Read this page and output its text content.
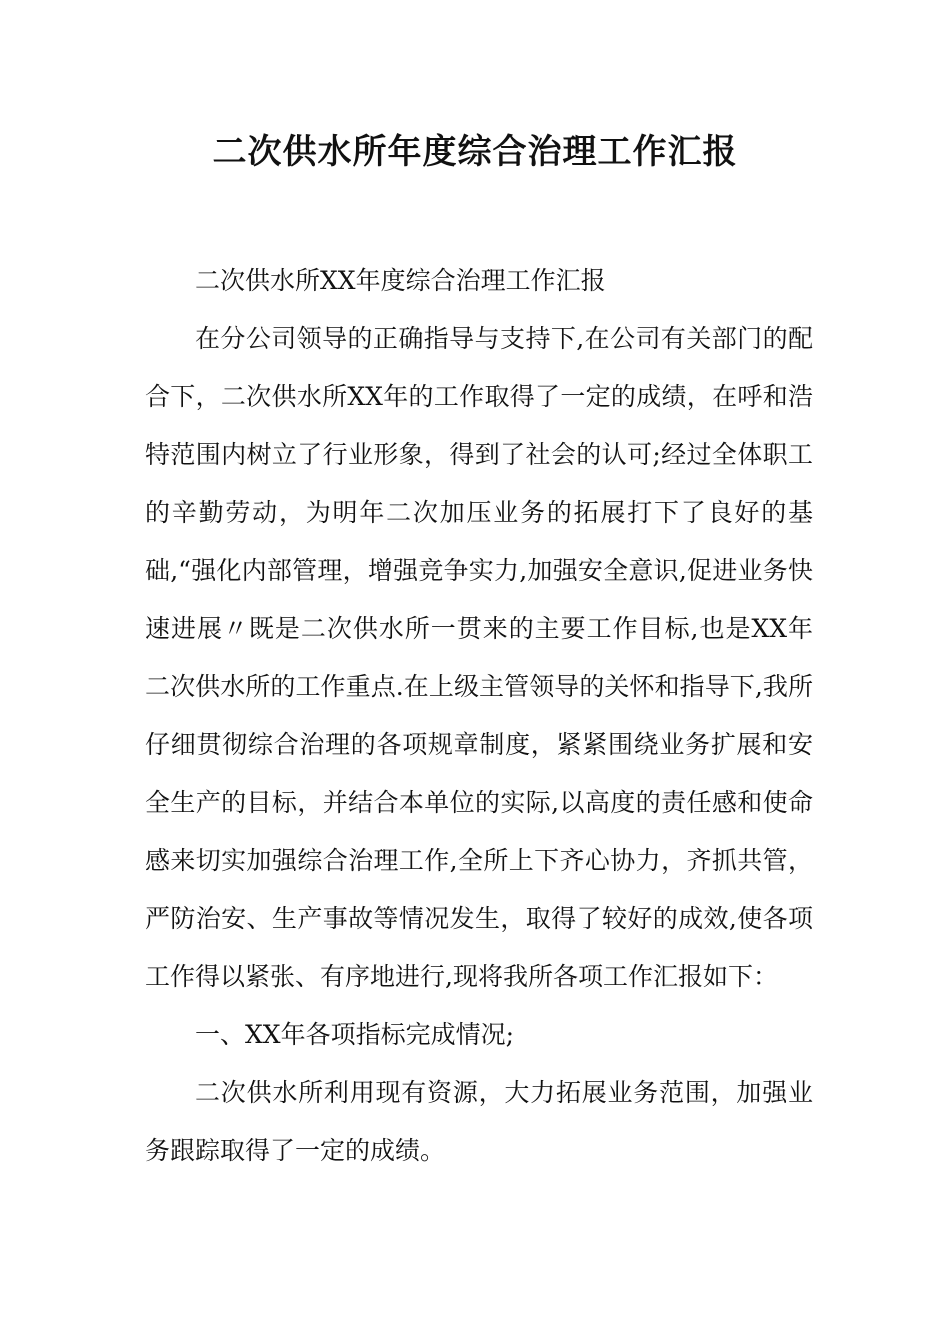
二次供水所年度综合治理工作汇报

二次供水所XX年度综合治理工作汇报

在分公司领导的正确指导与支持下,在公司有关部门的配合下，二次供水所XX年的工作取得了一定的成绩，在呼和浩特范围内树立了行业形象，得到了社会的认可;经过全体职工的辛勤劳动，为明年二次加压业务的拓展打下了良好的基础,“强化内部管理，增强竞争实力,加强安全意识,促进业务快速进展〃既是二次供水所一贯来的主要工作目标,也是XX年二次供水所的工作重点.在上级主管领导的关怀和指导下,我所仔细贯彻综合治理的各项规章制度，紧紧围绕业务扩展和安全生产的目标，并结合本单位的实际,以高度的责任感和使命感来切实加强综合治理工作,全所上下齐心协力，齐抓共管，严防治安、生产事故等情况发生，取得了较好的成效,使各项工作得以紧张、有序地进行,现将我所各项工作汇报如下：

一、XX年各项指标完成情况;

二次供水所利用现有资源，大力拓展业务范围，加强业务跟踪取得了一定的成绩。
